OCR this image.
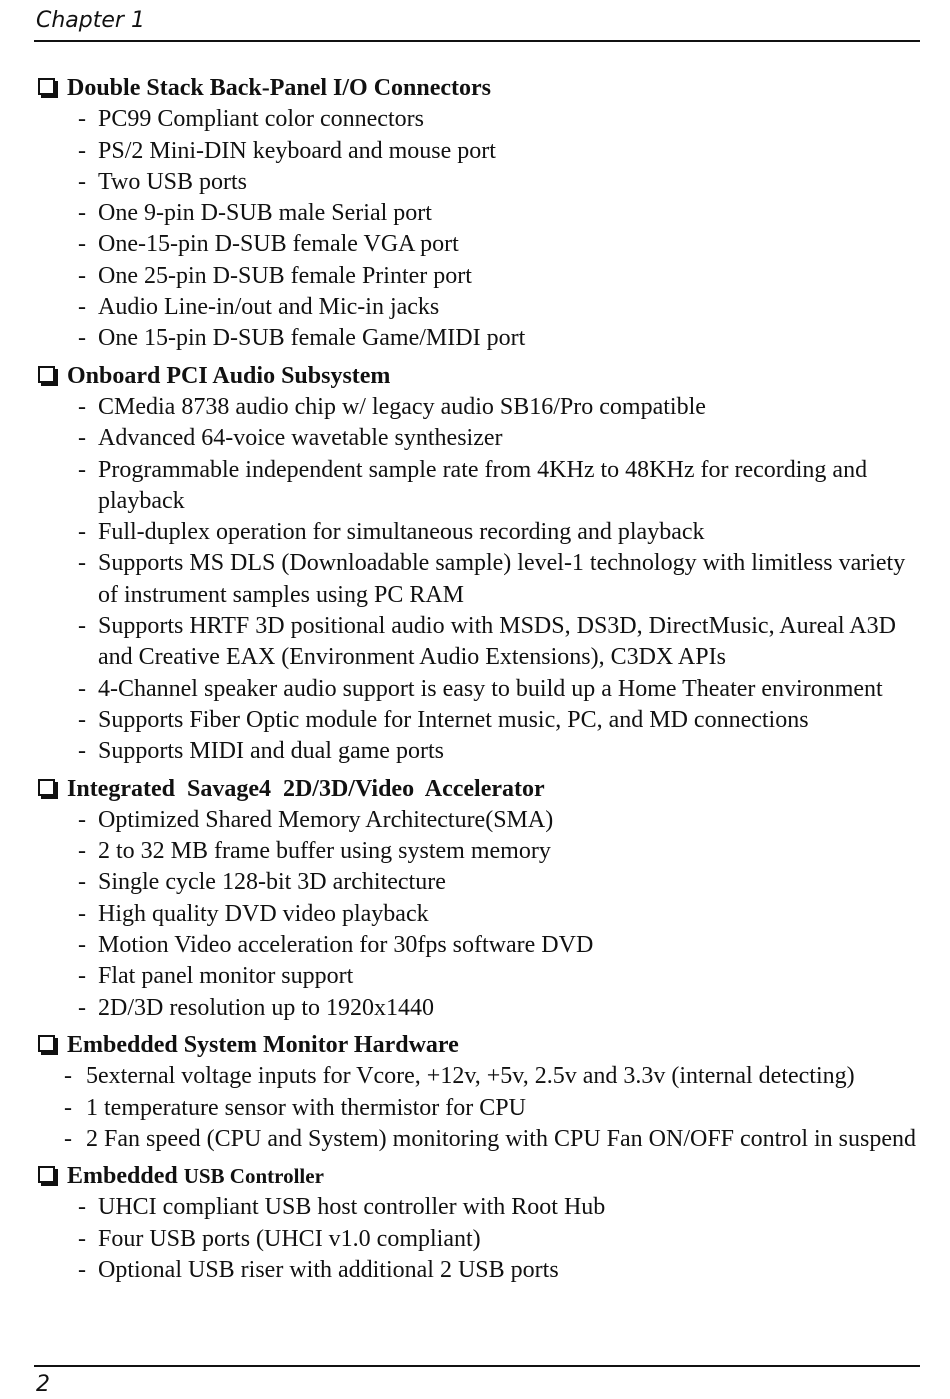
Chapter 1
Double Stack Back-Panel I/O Connectors
- PC99 Compliant color connectors
- PS/2 Mini-DIN keyboard and mouse port
- Two USB ports
- One 9-pin D-SUB male Serial port
- One-15-pin D-SUB female VGA port
- One 25-pin D-SUB female Printer port
- Audio Line-in/out and Mic-in jacks
- One 15-pin D-SUB female Game/MIDI port
Onboard PCI Audio Subsystem
- CMedia 8738 audio chip w/ legacy audio SB16/Pro compatible
- Advanced 64-voice wavetable synthesizer
- Programmable independent sample rate from 4KHz to 48KHz for recording and playback
- Full-duplex operation for simultaneous recording and playback
- Supports MS DLS (Downloadable sample) level-1 technology with limitless variety of instrument samples using PC RAM
- Supports HRTF 3D positional audio with MSDS, DS3D, DirectMusic, Aureal A3D and Creative EAX (Environment Audio Extensions), C3DX APIs
- 4-Channel speaker audio support is easy to build up a Home Theater environment
- Supports Fiber Optic module for Internet music, PC, and MD connections
- Supports MIDI and dual game ports
Integrated  Savage4  2D/3D/Video  Accelerator
- Optimized Shared Memory Architecture(SMA)
- 2 to 32 MB frame buffer using system memory
- Single cycle 128-bit 3D architecture
- High quality DVD video playback
- Motion Video acceleration for 30fps software DVD
- Flat panel monitor support
- 2D/3D resolution up to 1920x1440
Embedded System Monitor Hardware
- 5external voltage inputs for Vcore, +12v, +5v, 2.5v and 3.3v (internal detecting)
- 1 temperature sensor with thermistor for CPU
- 2 Fan speed (CPU and System) monitoring with CPU Fan ON/OFF control in suspend
Embedded USB Controller
- UHCI compliant USB host controller with Root Hub
- Four USB ports (UHCI v1.0 compliant)
- Optional USB riser with additional 2 USB ports
2
